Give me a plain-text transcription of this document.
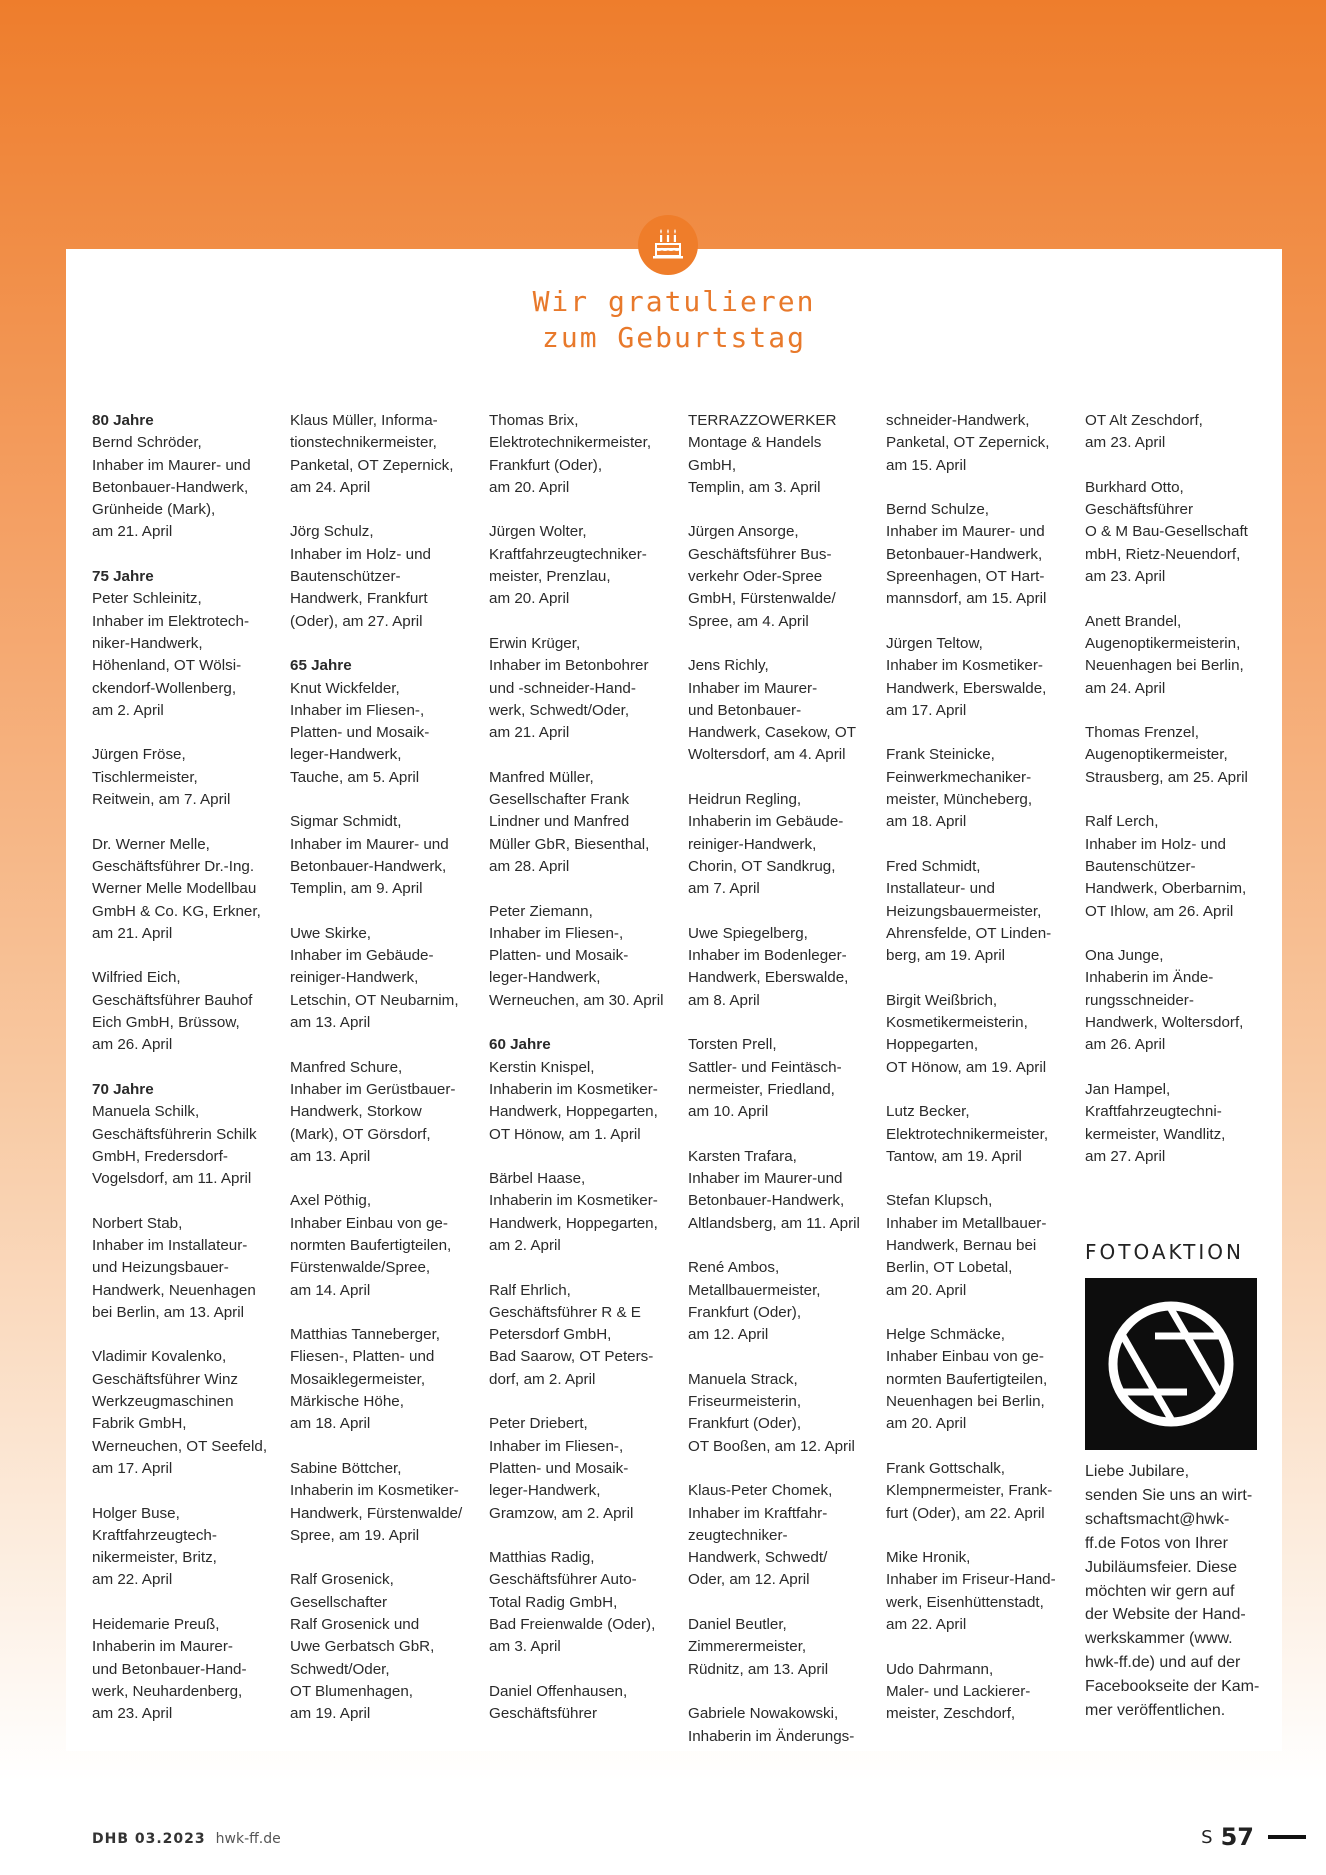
Wir gratulieren
zum Geburtstag
80 Jahre
Bernd Schröder,
Inhaber im Maurer- und
Betonbauer-Handwerk,
Grünheide (Mark),
am 21. April
75 Jahre
Peter Schleinitz,
Inhaber im Elektrotech-
niker-Handwerk,
Höhenland, OT Wölsi-
ckendorf-Wollenberg,
am 2. April
Jürgen Fröse,
Tischlermeister,
Reitwein, am 7. April
Dr. Werner Melle,
Geschäftsführer Dr.-Ing.
Werner Melle Modellbau
GmbH & Co. KG, Erkner,
am 21. April
Wilfried Eich,
Geschäftsführer Bauhof
Eich GmbH, Brüssow,
am 26. April
70 Jahre
Manuela Schilk,
Geschäftsführerin Schilk
GmbH, Fredersdorf-
Vogelsdorf, am 11. April
Norbert Stab,
Inhaber im Installateur-
und Heizungsbauer-
Handwerk, Neuenhagen
bei Berlin, am 13. April
Vladimir Kovalenko,
Geschäftsführer Winz
Werkzeugmaschinen
Fabrik GmbH,
Werneuchen, OT Seefeld,
am 17. April
Holger Buse,
Kraftfahrzeugtech-
nikermeister, Britz,
am 22. April
Heidemarie Preuß,
Inhaberin im Maurer-
und Betonbauer-Hand-
werk, Neuhardenberg,
am 23. April
Klaus Müller, Informa-
tionstechnikermeister,
Panketal, OT Zepernick,
am 24. April
Jörg Schulz,
Inhaber im Holz- und
Bautenschützer-
Handwerk, Frankfurt
(Oder), am 27. April
65 Jahre
Knut Wickfelder,
Inhaber im Fliesen-,
Platten- und Mosaik-
leger-Handwerk,
Tauche, am 5. April
Sigmar Schmidt,
Inhaber im Maurer- und
Betonbauer-Handwerk,
Templin, am 9. April
Uwe Skirke,
Inhaber im Gebäude-
reiniger-Handwerk,
Letschin, OT Neubarnim,
am 13. April
Manfred Schure,
Inhaber im Gerüstbauer-
Handwerk, Storkow
(Mark), OT Görsdorf,
am 13. April
Axel Pöthig,
Inhaber Einbau von ge-
normten Baufertigteilen,
Fürstenwalde/Spree,
am 14. April
Matthias Tanneberger,
Fliesen-, Platten- und
Mosaiklegermeister,
Märkische Höhe,
am 18. April
Sabine Böttcher,
Inhaberin im Kosmetiker-
Handwerk, Fürstenwalde/
Spree, am 19. April
Ralf Grosenick,
Gesellschafter
Ralf Grosenick und
Uwe Gerbatsch GbR,
Schwedt/Oder,
OT Blumenhagen,
am 19. April
Thomas Brix,
Elektrotechnikermeister,
Frankfurt (Oder),
am 20. April
Jürgen Wolter,
Kraftfahrzeugtechniker-
meister, Prenzlau,
am 20. April
Erwin Krüger,
Inhaber im Betonbohrer
und -schneider-Hand-
werk, Schwedt/Oder,
am 21. April
Manfred Müller,
Gesellschafter Frank
Lindner und Manfred
Müller GbR, Biesenthal,
am 28. April
Peter Ziemann,
Inhaber im Fliesen-,
Platten- und Mosaik-
leger-Handwerk,
Werneuchen, am 30. April
60 Jahre
Kerstin Knispel,
Inhaberin im Kosmetiker-
Handwerk, Hoppegarten,
OT Hönow, am 1. April
Bärbel Haase,
Inhaberin im Kosmetiker-
Handwerk, Hoppegarten,
am 2. April
Ralf Ehrlich,
Geschäftsführer R & E
Petersdorf GmbH,
Bad Saarow, OT Peters-
dorf, am 2. April
Peter Driebert,
Inhaber im Fliesen-,
Platten- und Mosaik-
leger-Handwerk,
Gramzow, am 2. April
Matthias Radig,
Geschäftsführer Auto-
Total Radig GmbH,
Bad Freienwalde (Oder),
am 3. April
Daniel Offenhausen,
Geschäftsführer
TERRAZZOWERKER
Montage & Handels GmbH,
Templin, am 3. April
Jürgen Ansorge,
Geschäftsführer Bus-
verkehr Oder-Spree
GmbH, Fürstenwalde/
Spree, am 4. April
Jens Richly,
Inhaber im Maurer-
und Betonbauer-
Handwerk, Casekow, OT
Woltersdorf, am 4. April
Heidrun Regling,
Inhaberin im Gebäude-
reiniger-Handwerk,
Chorin, OT Sandkrug,
am 7. April
Uwe Spiegelberg,
Inhaber im Bodenleger-
Handwerk, Eberswalde,
am 8. April
Torsten Prell,
Sattler- und Feintäsch-
nermeister, Friedland,
am 10. April
Karsten Trafara,
Inhaber im Maurer-und
Betonbauer-Handwerk,
Altlandsberg, am 11. April
René Ambos,
Metallbauermeister,
Frankfurt (Oder),
am 12. April
Manuela Strack,
Friseurmeisterin,
Frankfurt (Oder),
OT Booßen, am 12. April
Klaus-Peter Chomek,
Inhaber im Kraftfahr-
zeugtechniker-
Handwerk, Schwedt/
Oder, am 12. April
Daniel Beutler,
Zimmerermeister,
Rüdnitz, am 13. April
Gabriele Nowakowski,
Inhaberin im Änderungs-
schneider-Handwerk,
Panketal, OT Zepernick,
am 15. April
Bernd Schulze,
Inhaber im Maurer- und
Betonbauer-Handwerk,
Spreenhagen, OT Hart-
mannsdorf, am 15. April
Jürgen Teltow,
Inhaber im Kosmetiker-
Handwerk, Eberswalde,
am 17. April
Frank Steinicke,
Feinwerkmechaniker-
meister, Müncheberg,
am 18. April
Fred Schmidt,
Installateur- und
Heizungsbauermeister,
Ahrensfelde, OT Linden-
berg, am 19. April
Birgit Weißbrich,
Kosmetikermeisterin,
Hoppegarten,
OT Hönow, am 19. April
Lutz Becker,
Elektrotechnikermeister,
Tantow, am 19. April
Stefan Klupsch,
Inhaber im Metallbauer-
Handwerk, Bernau bei
Berlin, OT Lobetal,
am 20. April
Helge Schmäcke,
Inhaber Einbau von ge-
normten Baufertigteilen,
Neuenhagen bei Berlin,
am 20. April
Frank Gottschalk,
Klempnermeister, Frank-
furt (Oder), am 22. April
Mike Hronik,
Inhaber im Friseur-Hand-
werk, Eisenhüttenstadt,
am 22. April
Udo Dahrmann,
Maler- und Lackierer-
meister, Zeschdorf,
OT Alt Zeschdorf,
am 23. April
Burkhard Otto,
Geschäftsführer
O & M Bau-Gesellschaft
mbH, Rietz-Neuendorf,
am 23. April
Anett Brandel,
Augenoptikermeisterin,
Neuenhagen bei Berlin,
am 24. April
Thomas Frenzel,
Augenoptikermeister,
Strausberg, am 25. April
Ralf Lerch,
Inhaber im Holz- und
Bautenschützer-
Handwerk, Oberbarnim,
OT Ihlow, am 26. April
Ona Junge,
Inhaberin im Ände-
rungsschneider-
Handwerk, Woltersdorf,
am 26. April
Jan Hampel,
Kraftfahrzeugtechni-
kermeister, Wandlitz,
am 27. April
FOTOAKTION
Liebe Jubilare,
senden Sie uns an wirt-
schaftsmacht@hwk-
ff.de Fotos von Ihrer
Jubiläumsfeier. Diese
möchten wir gern auf
der Website der Hand-
werkskammer (www.
hwk-ff.de) und auf der
Facebookseite der Kam-
mer veröffentlichen.
DHB 03.2023 hwk-ff.de	S 57
